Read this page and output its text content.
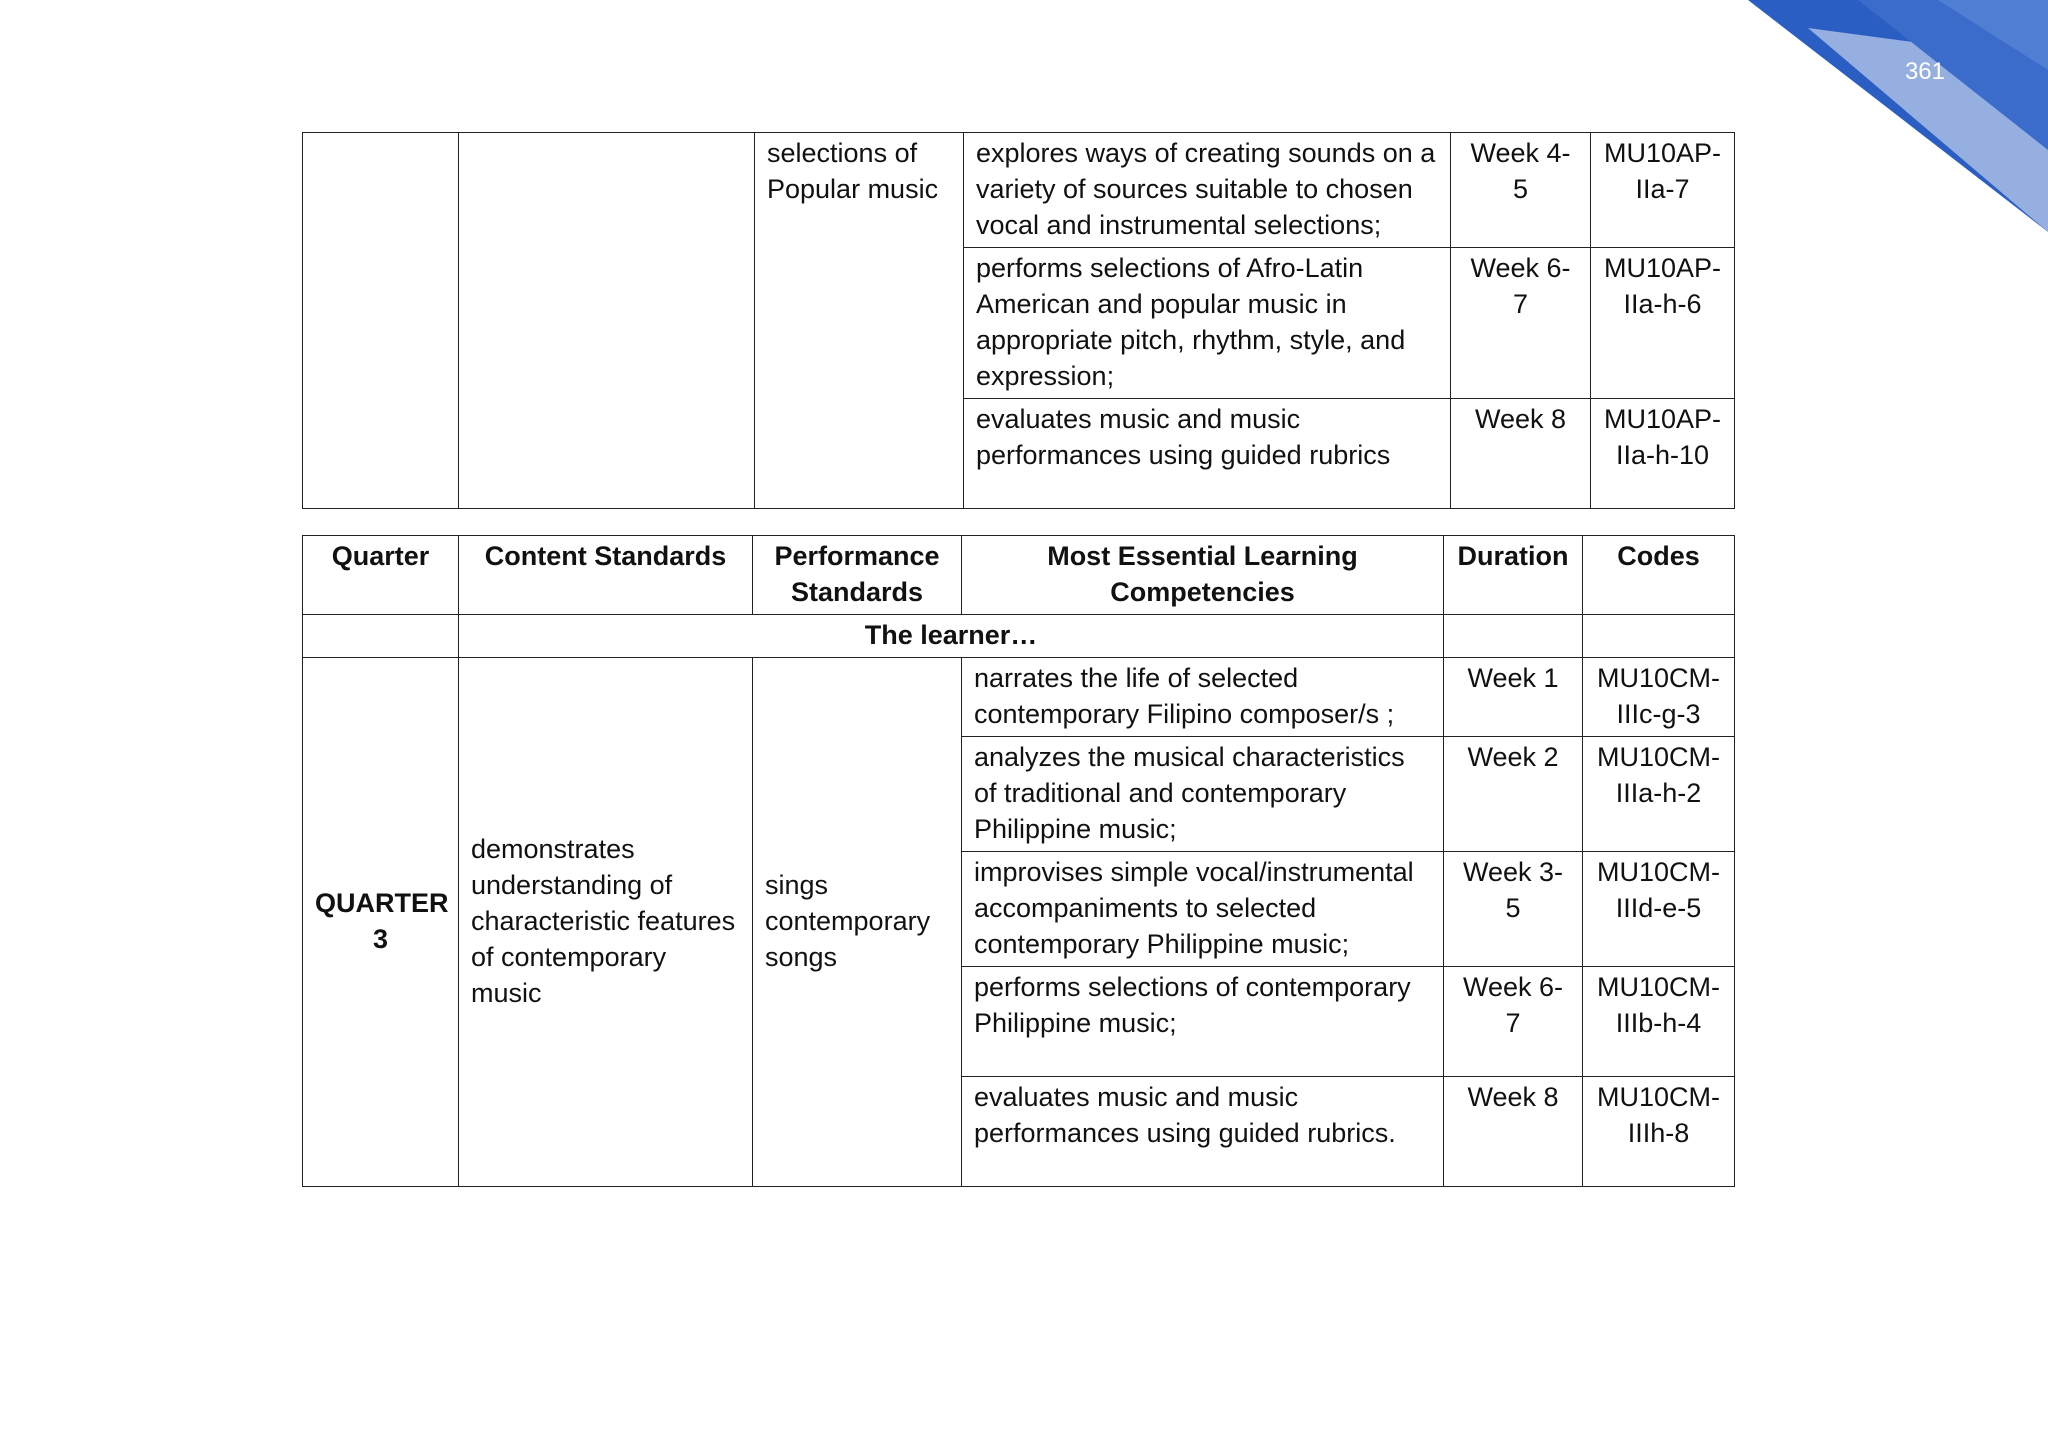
361
		selections of Popular music	explores ways of creating sounds on a variety of sources suitable to chosen vocal and instrumental selections;	Week 4-5	MU10AP-IIa-7
			performs selections of Afro-Latin American and popular music in appropriate pitch, rhythm, style, and expression;	Week 6-7	MU10AP-IIa-h-6
			evaluates music and music performances using guided rubrics	Week 8	MU10AP-IIa-h-10
Quarter	Content Standards	Performance Standards	Most Essential Learning Competencies	Duration	Codes
	The learner…				
QUARTER 3	demonstrates understanding of characteristic features of contemporary music	sings contemporary songs	narrates the life of selected contemporary Filipino composer/s ;	Week 1	MU10CM-IIIc-g-3
			analyzes the musical characteristics of traditional and contemporary Philippine music;	Week 2	MU10CM-IIIa-h-2
			improvises simple vocal/instrumental accompaniments to selected contemporary Philippine music;	Week 3-5	MU10CM-IIId-e-5
			performs selections of contemporary Philippine music;	Week 6-7	MU10CM-IIIb-h-4
			evaluates music and music performances using guided rubrics.	Week 8	MU10CM-IIIh-8
